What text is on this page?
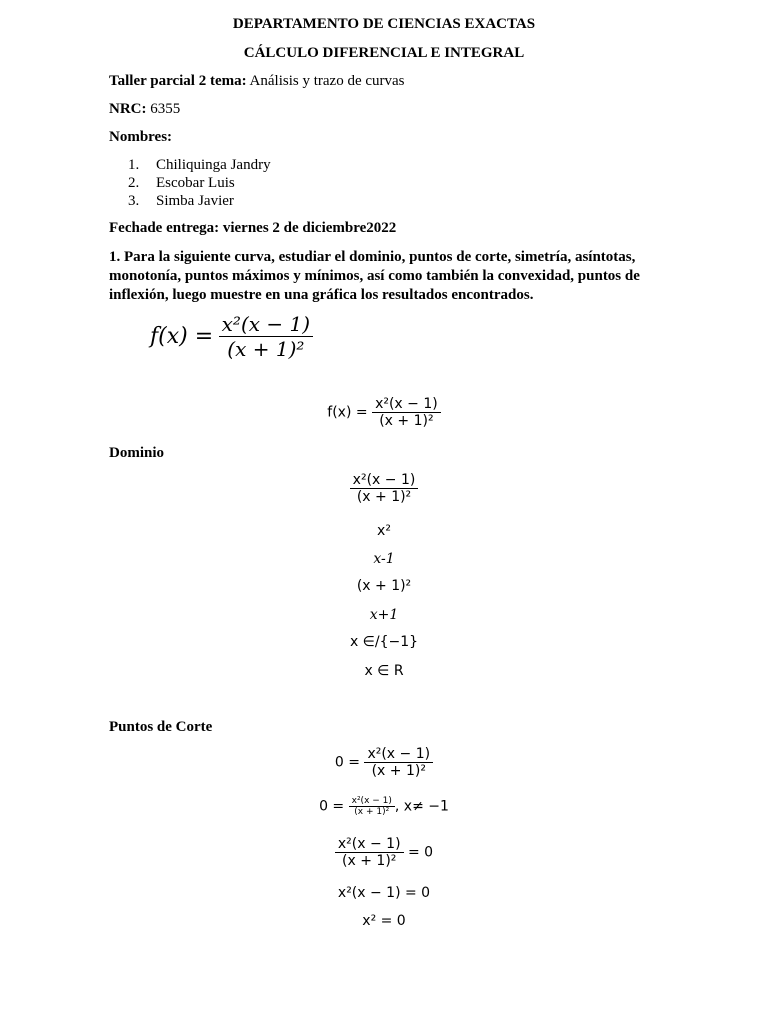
DEPARTAMENTO DE CIENCIAS EXACTAS
CÁLCULO DIFERENCIAL E INTEGRAL
Taller parcial 2 tema: Análisis y trazo de curvas
NRC: 6355
Nombres:
1. Chiliquinga Jandry
2. Escobar Luis
3. Simba Javier
Fechade entrega: viernes 2 de diciembre2022
1. Para la siguiente curva, estudiar el dominio, puntos de corte, simetría, asíntotas, monotonía, puntos máximos y mínimos, así como también la convexidad, puntos de inflexión, luego muestre en una gráfica los resultados encontrados.
$f(x) = \frac{\text{x²(x − 1)}}{\text{(x + 1)²}}$
$f(x) = \frac{\text{x²(x − 1)}}{\text{(x + 1)²}}$
Dominio
$\frac{\text{x²(x − 1)}}{\text{(x + 1)²}}$
x²
x-1
(x + 1)²
x+1
x ∈/{−1}
x ∈ R
Puntos de Corte
$0 = \frac{\text{x²(x − 1)}}{\text{(x + 1)²}}$
$0 = \frac{\text{x²(x − 1)}}{\text{(x + 1)²}}$ , x≠ −1
$\frac{\text{x²(x − 1)}}{\text{(x + 1)²}} = 0$
x²(x − 1) = 0
x² = 0
